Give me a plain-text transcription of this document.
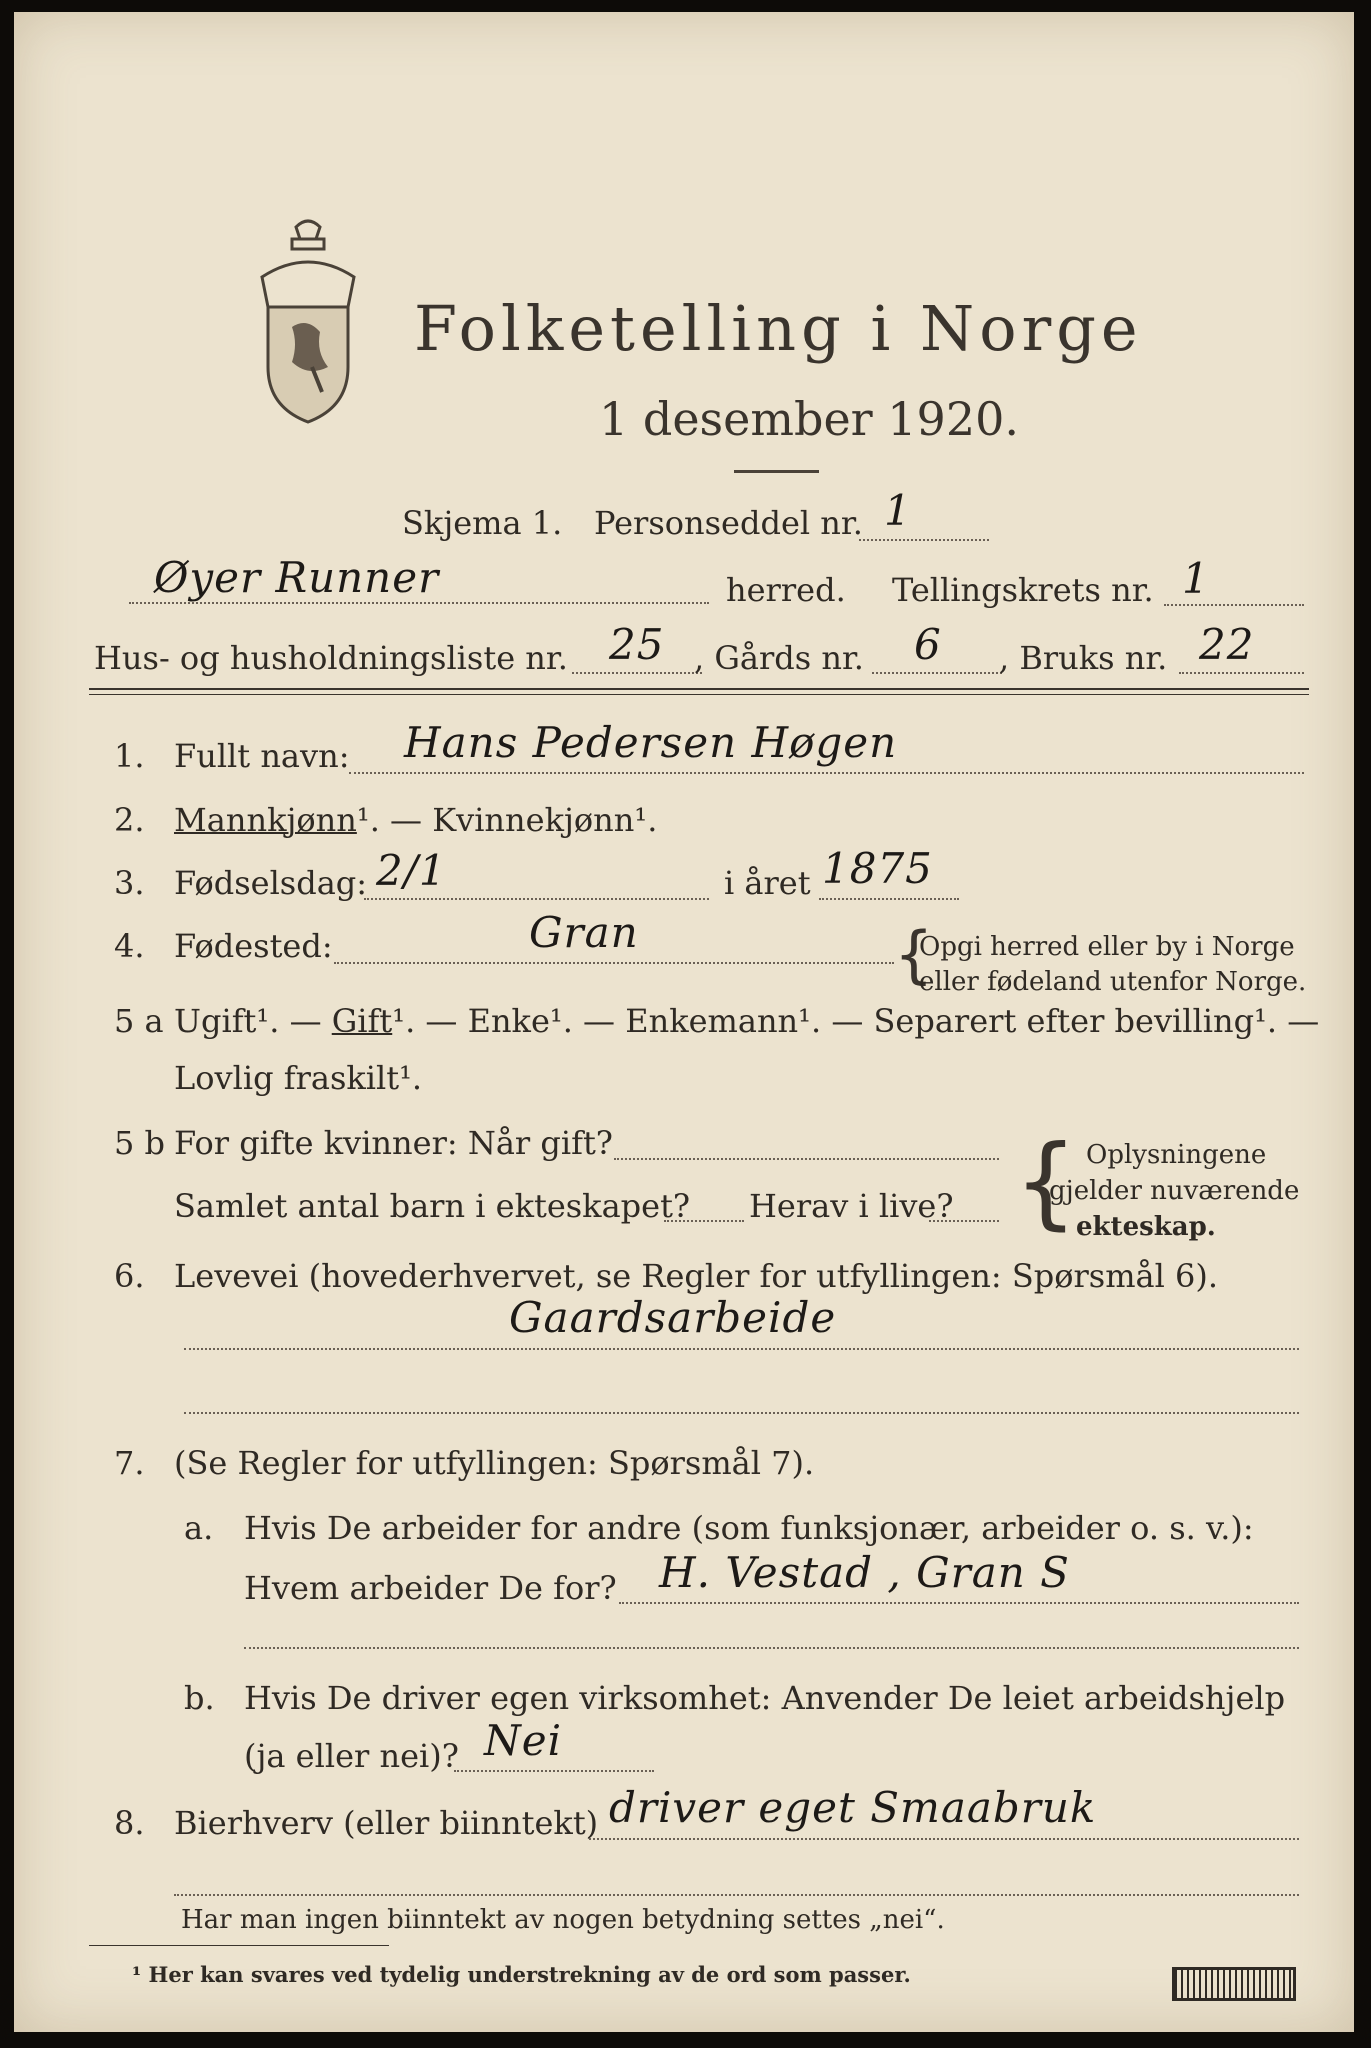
Folketelling i Norge
1 desember 1920.
Skjema 1. Personseddel nr. 1
Øyer Runner	herred. Tellingskrets nr. 1
Hus- og husholdningsliste nr. 25 , Gårds nr. 6 , Bruks nr. 22
1. Fullt navn: Hans Pedersen Høgen
2. Mannkjønn¹. — Kvinnekjønn¹.
3. Fødselsdag: 2/1	i året 1875
4. Fødested:	Gran	{
Opgi herred eller by i Norge
eller fødeland utenfor Norge.
5 a Ugift¹. — Gift¹. — Enke¹. — Enkemann¹. — Separert efter bevilling¹. —
Lovlig fraskilt¹.
5 b For gifte kvinner: Når gift?
Samlet antal barn i ekteskapet? Herav i live? { Oplysningene
gjelder nuværende
ekteskap.
6. Levevei (hovederhvervet, se Regler for utfyllingen: Spørsmål 6).
Gaardsarbeide
7. (Se Regler for utfyllingen: Spørsmål 7).
a. Hvis De arbeider for andre (som funksjonær, arbeider o. s. v.):
Hvem arbeider De for? H. Vestad , Gran S
b. Hvis De driver egen virksomhet: Anvender De leiet arbeidshjelp
(ja eller nei)? Nei
8. Bierhverv (eller biinntekt) driver eget Smaabruk
Har man ingen biinntekt av nogen betydning settes „nei“.
¹ Her kan svares ved tydelig understrekning av de ord som passer.
